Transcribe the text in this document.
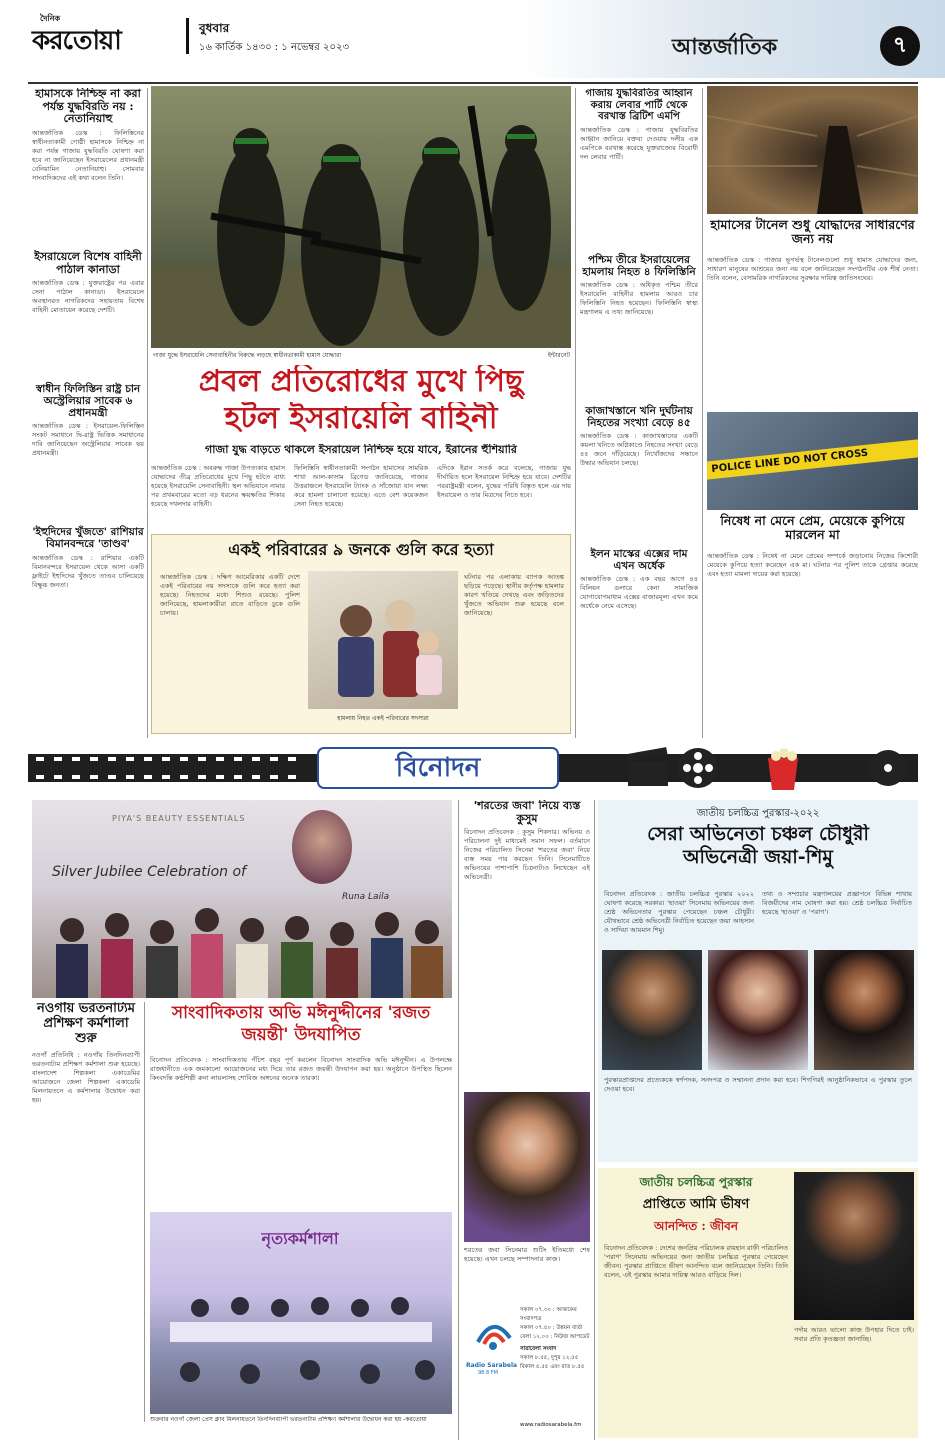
দৈনিক
করতোয়া	বুধবার
১৬ কার্তিক ১৪৩০ : ১ নভেম্বর ২০২৩	আন্তর্জাতিক	৭
হামাসকে নিশ্চিহ্ন না করা পর্যন্ত যুদ্ধবিরতি নয় : নেতানিয়াহু
আন্তর্জাতিক ডেস্ক : ফিলিস্তিনের স্বাধীনতাকামী গোষ্ঠী হামাসকে নিশ্চিহ্ন না করা পর্যন্ত গাজায় যুদ্ধবিরতি ঘোষণা করা হবে না জানিয়েছেন ইসরায়েলের প্রধানমন্ত্রী বেনিয়ামিন নেতানিয়াহু। সোমবার সাংবাদিকদের এই কথা বলেন তিনি।
ইসরায়েলে বিশেষ বাহিনী পাঠাল কানাডা
আন্তর্জাতিক ডেস্ক : যুক্তরাষ্ট্রের পর এবার সেনা পাঠাল কানাডা। ইসরায়েলে অবস্থানরত নাগরিকদের সহায়তায় বিশেষ বাহিনী মোতায়েন করেছে দেশটি।
স্বাধীন ফিলিস্তিন রাষ্ট্র চান অস্ট্রেলিয়ার সাবেক ৬ প্রধানমন্ত্রী
আন্তর্জাতিক ডেস্ক : ইসরায়েল-ফিলিস্তিন সংকট সমাধানে দ্বি-রাষ্ট্র ভিত্তিক সমাধানের দাবি জানিয়েছেন অস্ট্রেলিয়ার সাবেক ছয় প্রধানমন্ত্রী।
'ইহুদিদের খুঁজতে' রাশিয়ার বিমানবন্দরে 'তাণ্ডব'
আন্তর্জাতিক ডেস্ক : রাশিয়ার একটি বিমানবন্দরে ইসরায়েল থেকে আসা একটি ফ্লাইটে ইহুদিদের খুঁজতে তাণ্ডব চালিয়েছে বিক্ষুব্ধ জনতা।
গাজা যুদ্ধে ইসরায়েলি সেনাবাহিনীর বিরুদ্ধে লড়ছে স্বাধীনতাকামী হামাস যোদ্ধারা	ইন্টারনেট
প্রবল প্রতিরোধের মুখে পিছু
হটল ইসরায়েলি বাহিনী
গাজা যুদ্ধ বাড়তে থাকলে ইসরায়েল নিশ্চিহ্ন হয়ে যাবে, ইরানের হুঁশিয়ারি
আন্তর্জাতিক ডেস্ক : অবরুদ্ধ গাজা উপত্যকায় হামাস যোদ্ধাদের তীব্র প্রতিরোধের মুখে পিছু হটতে বাধ্য হয়েছে ইসরায়েলি সেনাবাহিনী। স্থল অভিযানে নামার পর প্রথমবারের মতো বড় ধরনের ক্ষয়ক্ষতির শিকার হয়েছে দখলদার বাহিনী।
ফিলিস্তিনি স্বাধীনতাকামী সংগঠন হামাসের সামরিক শাখা আল-কাসাম ব্রিগেড জানিয়েছে, গাজার উত্তরাঞ্চলে ইসরায়েলি ট্যাংক ও সাঁজোয়া যান লক্ষ্য করে হামলা চালানো হয়েছে। এতে বেশ কয়েকজন সেনা নিহত হয়েছে।
এদিকে ইরান সতর্ক করে বলেছে, গাজায় যুদ্ধ দীর্ঘায়িত হলে ইসরায়েল নিশ্চিহ্ন হয়ে যাবে। দেশটির পররাষ্ট্রমন্ত্রী বলেন, যুদ্ধের পরিধি বিস্তৃত হলে এর দায় ইসরায়েল ও তার মিত্রদের নিতে হবে।
একই পরিবারের ৯ জনকে গুলি করে হত্যা
আন্তর্জাতিক ডেস্ক : দক্ষিণ আমেরিকার একটি দেশে একই পরিবারের নয় সদস্যকে গুলি করে হত্যা করা হয়েছে। নিহতদের মধ্যে শিশুও রয়েছে। পুলিশ জানিয়েছে, হামলাকারীরা রাতে বাড়িতে ঢুকে গুলি চালায়।
হামলায় নিহত একই পরিবারের সদস্যরা
ঘটনার পর এলাকায় ব্যাপক আতঙ্ক ছড়িয়ে পড়েছে। স্থানীয় কর্তৃপক্ষ হামলার কারণ খতিয়ে দেখছে এবং জড়িতদের খুঁজতে অভিযান শুরু হয়েছে বলে জানিয়েছে।
গাজায় যুদ্ধবিরতির আহ্বান করায় লেবার পার্টি থেকে বরখাস্ত ব্রিটিশ এমপি
আন্তর্জাতিক ডেস্ক : গাজায় যুদ্ধবিরতির আহ্বান জানিয়ে বক্তব্য দেওয়ায় দলীয় এক এমপিকে বরখাস্ত করেছে যুক্তরাজ্যের বিরোধী দল লেবার পার্টি।
পশ্চিম তীরে ইসরায়েলের হামলায় নিহত ৪ ফিলিস্তিনি
আন্তর্জাতিক ডেস্ক : অধিকৃত পশ্চিম তীরে ইসরায়েলি বাহিনীর হামলায় আরও চার ফিলিস্তিনি নিহত হয়েছেন। ফিলিস্তিনি স্বাস্থ্য মন্ত্রণালয় এ তথ্য জানিয়েছে।
কাজাখস্তানে খনি দুর্ঘটনায় নিহতের সংখ্যা বেড়ে ৪৫
আন্তর্জাতিক ডেস্ক : কাজাখস্তানের একটি কয়লা খনিতে অগ্নিকাণ্ডে নিহতের সংখ্যা বেড়ে ৪৫ জনে দাঁড়িয়েছে। নিখোঁজদের সন্ধানে উদ্ধার অভিযান চলছে।
ইলন মাস্কের এক্সের দাম এখন অর্ধেক
আন্তর্জাতিক ডেস্ক : এক বছর আগে ৪৪ বিলিয়ন ডলারে কেনা সামাজিক যোগাযোগমাধ্যম এক্সের বাজারমূল্য এখন কমে অর্ধেকে নেমে এসেছে।
হামাসের টানেল শুধু যোদ্ধাদের সাধারণের জন্য নয়
আন্তর্জাতিক ডেস্ক : গাজার ভূগর্ভস্থ টানেলগুলো শুধু হামাস যোদ্ধাদের জন্য, সাধারণ মানুষের আশ্রয়ের জন্য নয় বলে জানিয়েছেন সংগঠনটির এক শীর্ষ নেতা। তিনি বলেন, বেসামরিক নাগরিকদের সুরক্ষার দায়িত্ব জাতিসংঘের।
POLICE LINE DO NOT CROSS
নিষেধ না মেনে প্রেম, মেয়েকে কুপিয়ে মারলেন মা
আন্তর্জাতিক ডেস্ক : নিষেধ না মেনে প্রেমের সম্পর্কে জড়ানোয় নিজের কিশোরী মেয়েকে কুপিয়ে হত্যা করেছেন এক মা। ঘটনার পর পুলিশ তাকে গ্রেপ্তার করেছে এবং হত্যা মামলা দায়ের করা হয়েছে।
বিনোদন
PIYA'S BEAUTY ESSENTIALS
Silver Jubilee Celebration of
Runa Laila
নওগাঁয় ভরতনাট্যম প্রশিক্ষণ কর্মশালা শুরু
নওগাঁ প্রতিনিধি : নওগাঁয় তিনদিনব্যাপী ভরতনাট্যম প্রশিক্ষণ কর্মশালা শুরু হয়েছে। বাংলাদেশ শিল্পকলা একাডেমির আয়োজনে জেলা শিল্পকলা একাডেমি মিলনায়তনে এ কর্মশালার উদ্বোধন করা হয়।
সাংবাদিকতায় অভি মঈনুদ্দীনের 'রজত জয়ন্তী' উদযাপিত
বিনোদন প্রতিবেদক : সাংবাদিকতায় পঁচিশ বছর পূর্ণ করলেন বিনোদন সাংবাদিক অভি মঈনুদ্দীন। এ উপলক্ষে রাজধানীতে এক জমকালো আয়োজনের মধ্য দিয়ে তার রজত জয়ন্তী উদযাপন করা হয়। অনুষ্ঠানে উপস্থিত ছিলেন কিংবদন্তি কণ্ঠশিল্পী রুনা লায়লাসহ শোবিজ অঙ্গনের অনেক তারকা।
নৃত্যকর্মশালা
শুক্রবার নওগাঁ জেলা প্রেস ক্লাব মিলনায়তনে তিনদিনব্যাপী ভরতনাট্যম প্রশিক্ষণ কর্মশালার উদ্বোধন করা হয় -করতোয়া
'শরতের জবা' নিয়ে ব্যস্ত কুসুম
বিনোদন প্রতিবেদক : কুসুম শিকদার। অভিনয় ও পরিচালনা দুই মাধ্যমেই সমান সফল। বর্তমানে নিজের পরিচালিত সিনেমা 'শরতের জবা' নিয়ে ব্যস্ত সময় পার করছেন তিনি। সিনেমাটিতে অভিনয়ের পাশাপাশি চিত্রনাট্যও লিখেছেন এই অভিনেত্রী।
শরতের জবা সিনেমার শুটিং ইতিমধ্যে শেষ হয়েছে। এখন চলছে সম্পাদনার কাজ।
Radio Sarabela
98.8 FM
সকাল ০৭.৩০ : আজকের সংবাদপত্র
সকাল ০৭.৫০ : উন্নয়ন বার্তা
বেলা ১২.০০ : নিউজ আপডেট
সারাবেলা সংবাদ
সকাল ৮.৫৫, দুপুর ১২.৫৫
বিকাল ৫.৫৫ এবং রাত ৮.৫৫
www.radiosarabela.fm
জাতীয় চলচ্চিত্র পুরস্কার-২০২২
সেরা অভিনেতা চঞ্চল চৌধুরী
অভিনেত্রী জয়া-শিমু
বিনোদন প্রতিবেদক : জাতীয় চলচ্চিত্র পুরস্কার ২০২২ ঘোষণা করেছে সরকার। 'হাওয়া' সিনেমায় অভিনয়ের জন্য শ্রেষ্ঠ অভিনেতার পুরস্কার পেয়েছেন চঞ্চল চৌধুরী। যৌথভাবে শ্রেষ্ঠ অভিনেত্রী নির্বাচিত হয়েছেন জয়া আহসান ও সাদিয়া আয়মান শিমু।
তথ্য ও সম্প্রচার মন্ত্রণালয়ের প্রজ্ঞাপনে বিভিন্ন শাখায় বিজয়ীদের নাম ঘোষণা করা হয়। শ্রেষ্ঠ চলচ্চিত্র নির্বাচিত হয়েছে 'হাওয়া' ও 'পরাণ'।
পুরস্কারপ্রাপ্তদের প্রত্যেককে স্বর্ণপদক, সনদপত্র ও সম্মাননা প্রদান করা হবে। শিগগিরই আনুষ্ঠানিকভাবে এ পুরস্কার তুলে দেওয়া হবে।
জাতীয় চলচ্চিত্র পুরস্কার
প্রাপ্তিতে আমি ভীষণ
আনন্দিত : জীবন
বিনোদন প্রতিবেদক : দেশের জনপ্রিয় পরিচালক রায়হান রাফী পরিচালিত 'পরাণ' সিনেমায় অভিনয়ের জন্য জাতীয় চলচ্চিত্র পুরস্কার পেয়েছেন জীবন। পুরস্কার প্রাপ্তিতে ভীষণ আনন্দিত বলে জানিয়েছেন তিনি। তিনি বলেন, এই পুরস্কার আমার দায়িত্ব আরও বাড়িয়ে দিল।
পর্দায় আরও ভালো কাজ উপহার দিতে চাই। সবার প্রতি কৃতজ্ঞতা জানাচ্ছি।
